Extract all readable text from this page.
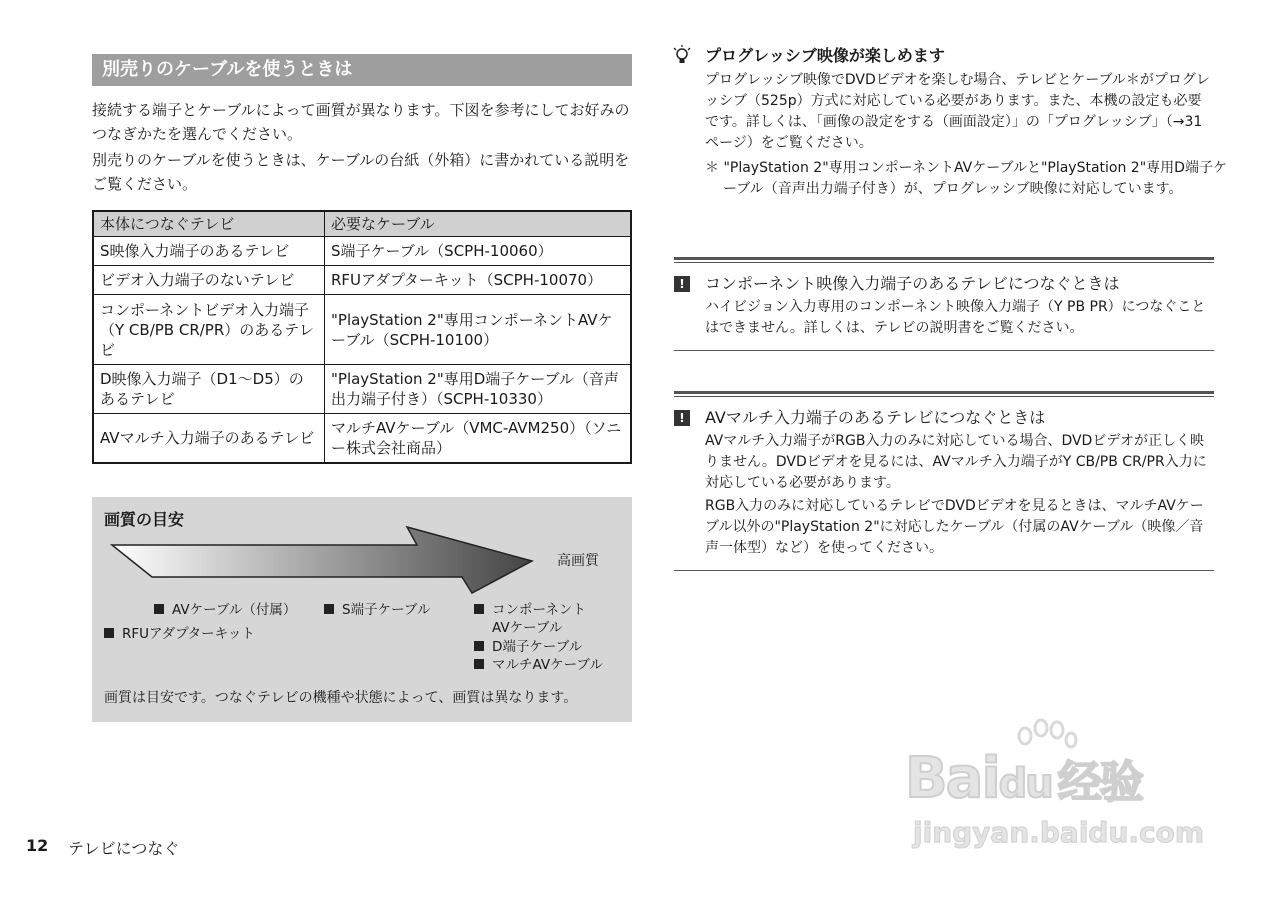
別売りのケーブルを使うときは
接続する端子とケーブルによって画質が異なります。下図を参考にしてお好みのつなぎかたを選んでください。
別売りのケーブルを使うときは、ケーブルの台紙（外箱）に書かれている説明をご覧ください。
本体につなぐテレビ	必要なケーブル
S映像入力端子のあるテレビ	S端子ケーブル（SCPH-10060）
ビデオ入力端子のないテレビ	RFUアダプターキット（SCPH-10070）
コンポーネントビデオ入力端子（Y CB/PB CR/PR）のあるテレビ	"PlayStation 2"専用コンポーネントAVケーブル（SCPH-10100）
D映像入力端子（D1～D5）のあるテレビ	"PlayStation 2"専用D端子ケーブル（音声出力端子付き）（SCPH-10330）
AVマルチ入力端子のあるテレビ	マルチAVケーブル（VMC-AVM250）（ソニー株式会社商品）
画質の目安
高画質
AVケーブル（付属）
RFUアダプターキット
S端子ケーブル	コンポーネント
AVケーブル
D端子ケーブル
マルチAVケーブル
画質は目安です。つなぐテレビの機種や状態によって、画質は異なります。
プログレッシブ映像が楽しめます
プログレッシブ映像でDVDビデオを楽しむ場合、テレビとケーブル＊がプログレッシブ（525p）方式に対応している必要があります。また、本機の設定も必要です。詳しくは、「画像の設定をする（画面設定）」の「プログレッシブ」（→31ページ）をご覧ください。
＊ "PlayStation 2"専用コンポーネントAVケーブルと"PlayStation 2"専用D端子ケーブル（音声出力端子付き）が、プログレッシブ映像に対応しています。
!	コンポーネント映像入力端子のあるテレビにつなぐときは
ハイビジョン入力専用のコンポーネント映像入力端子（Y PB PR）につなぐことはできません。詳しくは、テレビの説明書をご覧ください。
!	AVマルチ入力端子のあるテレビにつなぐときは
AVマルチ入力端子がRGB入力のみに対応している場合、DVDビデオが正しく映りません。DVDビデオを見るには、AVマルチ入力端子がY CB/PB CR/PR入力に対応している必要があります。
RGB入力のみに対応しているテレビでDVDビデオを見るときは、マルチAVケーブル以外の"PlayStation 2"に対応したケーブル（付属のAVケーブル（映像／音声一体型）など）を使ってください。
12 テレビにつなぐ
Baidu 经验
jingyan.baidu.com
